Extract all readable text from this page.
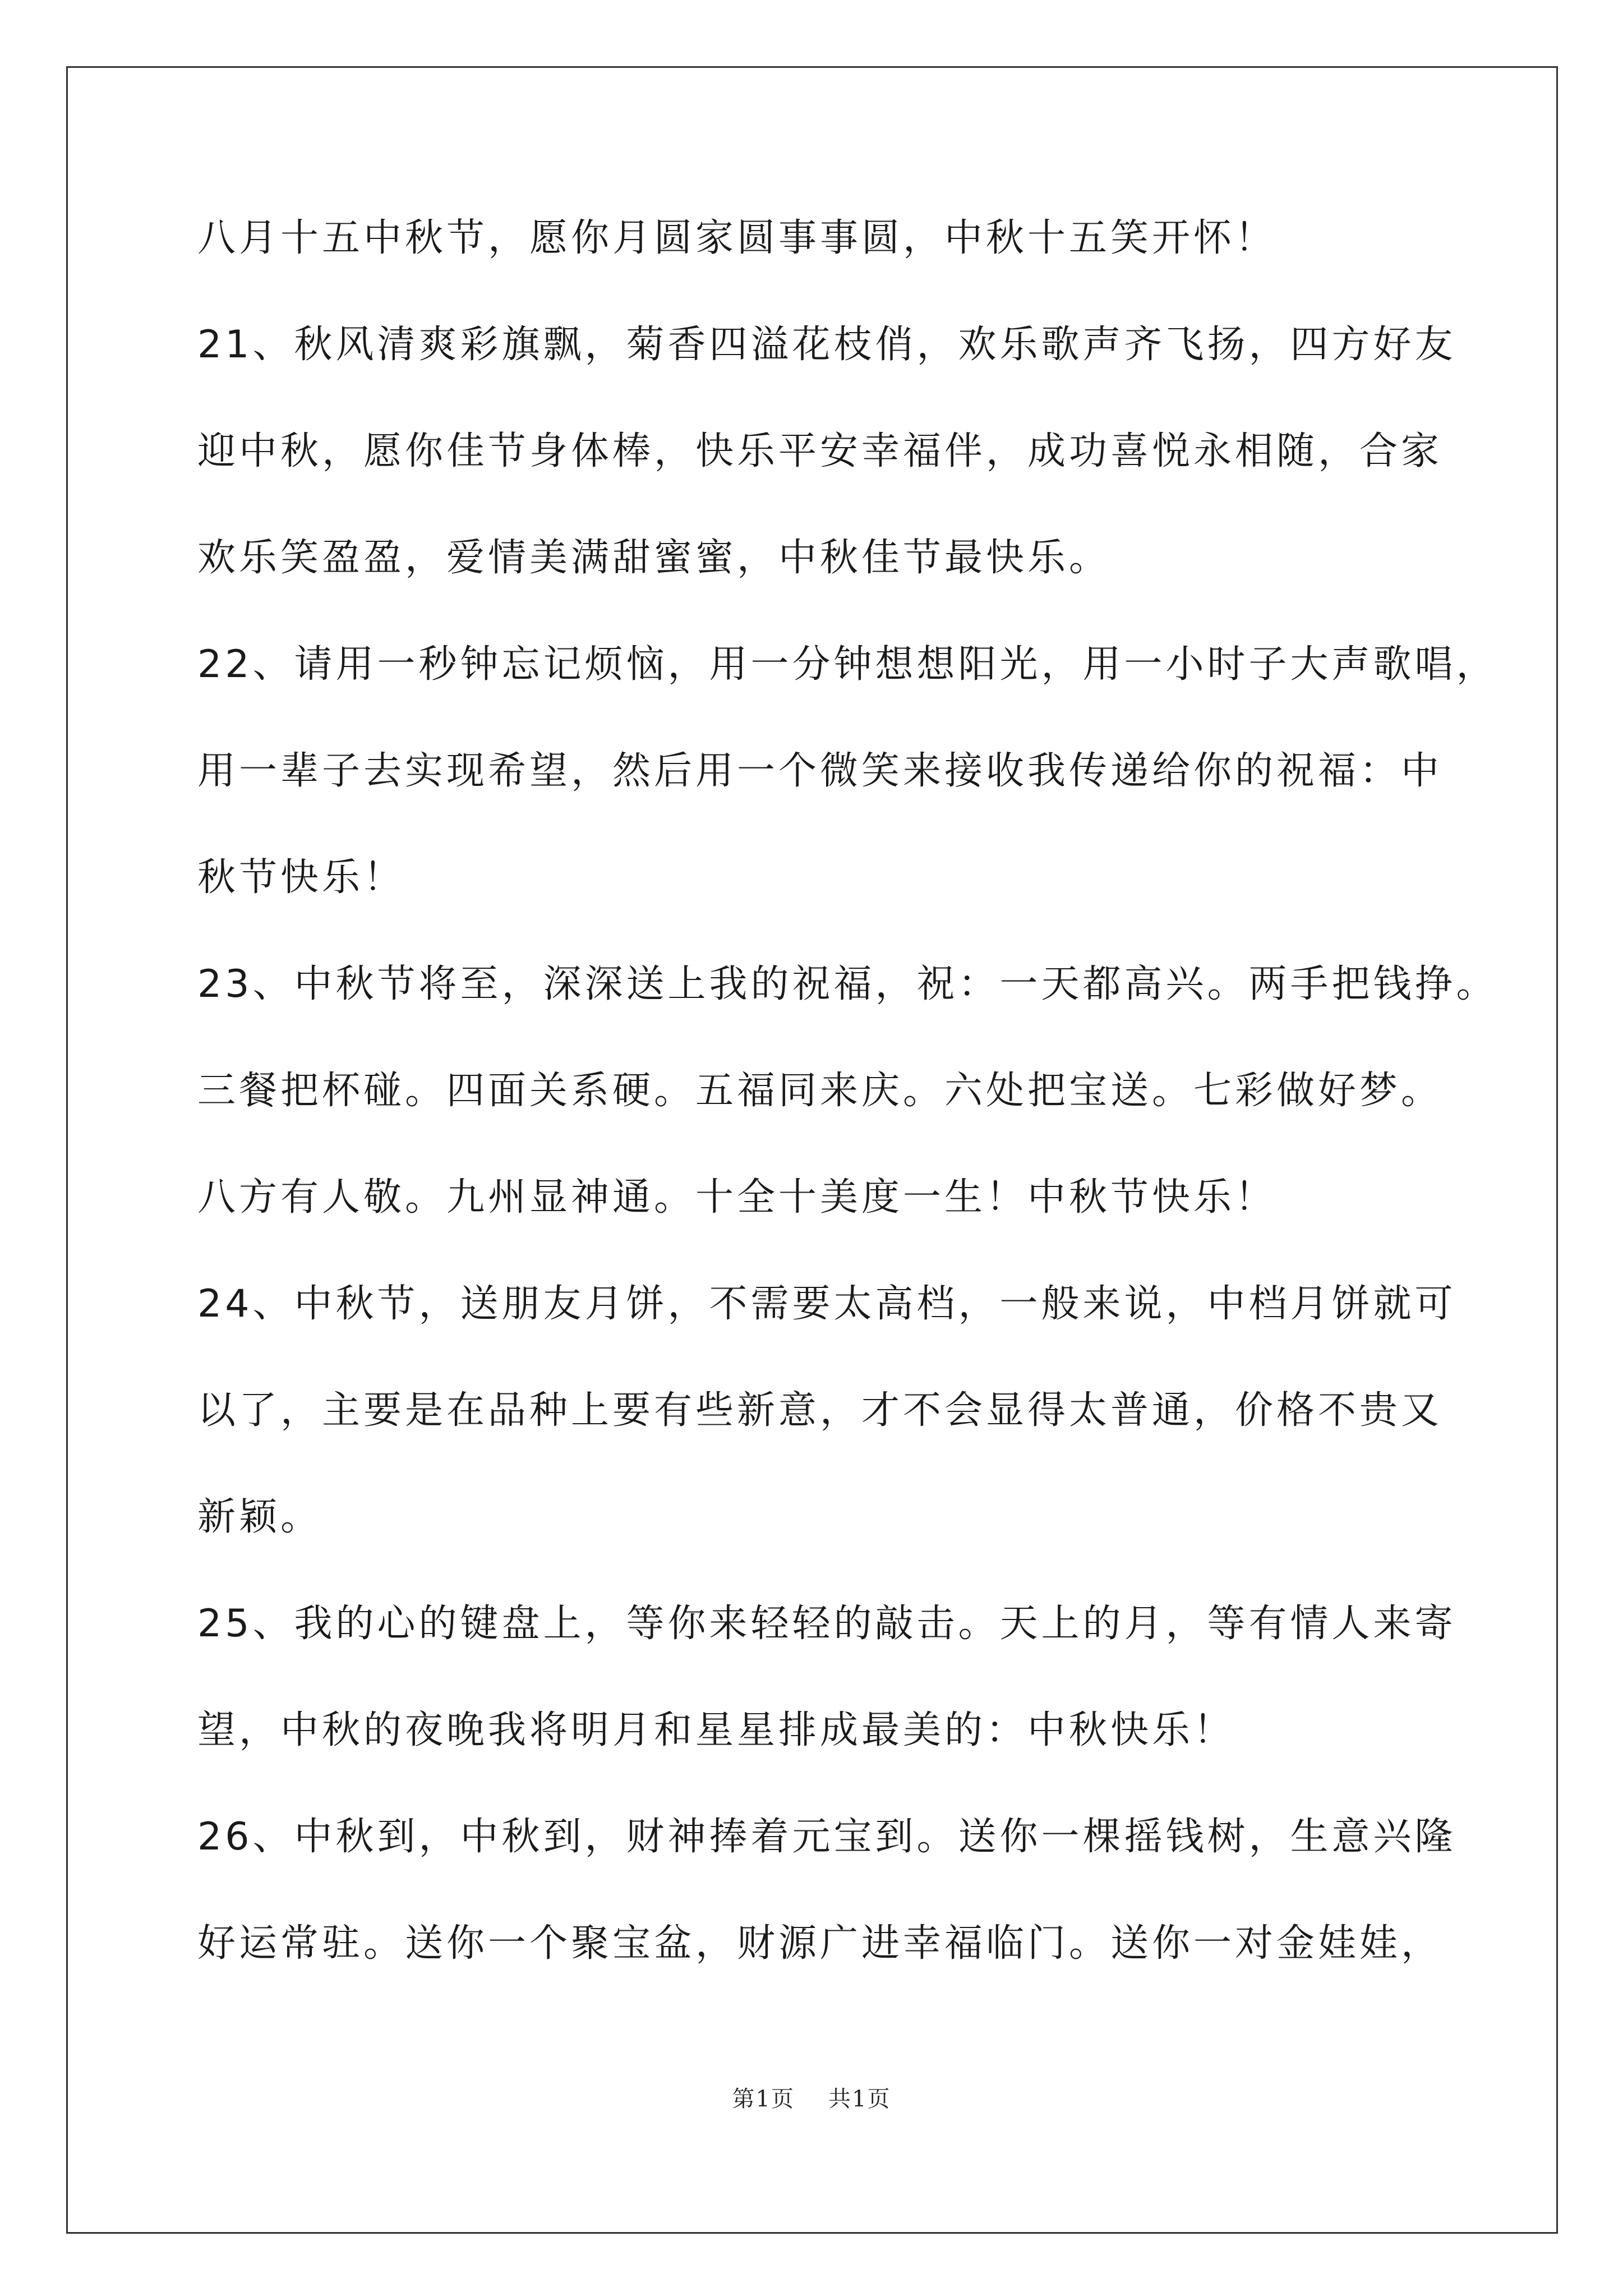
八月十五中秋节，愿你月圆家圆事事圆，中秋十五笑开怀！
21、秋风清爽彩旗飘，菊香四溢花枝俏，欢乐歌声齐飞扬，四方好友
迎中秋，愿你佳节身体棒，快乐平安幸福伴，成功喜悦永相随，合家
欢乐笑盈盈，爱情美满甜蜜蜜，中秋佳节最快乐。
22、请用一秒钟忘记烦恼，用一分钟想想阳光，用一小时子大声歌唱，
用一辈子去实现希望，然后用一个微笑来接收我传递给你的祝福：中
秋节快乐！
23、中秋节将至，深深送上我的祝福，祝：一天都高兴。两手把钱挣。
三餐把杯碰。四面关系硬。五福同来庆。六处把宝送。七彩做好梦。
八方有人敬。九州显神通。十全十美度一生！中秋节快乐！
24、中秋节，送朋友月饼，不需要太高档，一般来说，中档月饼就可
以了，主要是在品种上要有些新意，才不会显得太普通，价格不贵又
新颖。
25、我的心的键盘上，等你来轻轻的敲击。天上的月，等有情人来寄
望，中秋的夜晚我将明月和星星排成最美的：中秋快乐！
26、中秋到，中秋到，财神捧着元宝到。送你一棵摇钱树，生意兴隆
好运常驻。送你一个聚宝盆，财源广进幸福临门。送你一对金娃娃，
第1页 共1页
